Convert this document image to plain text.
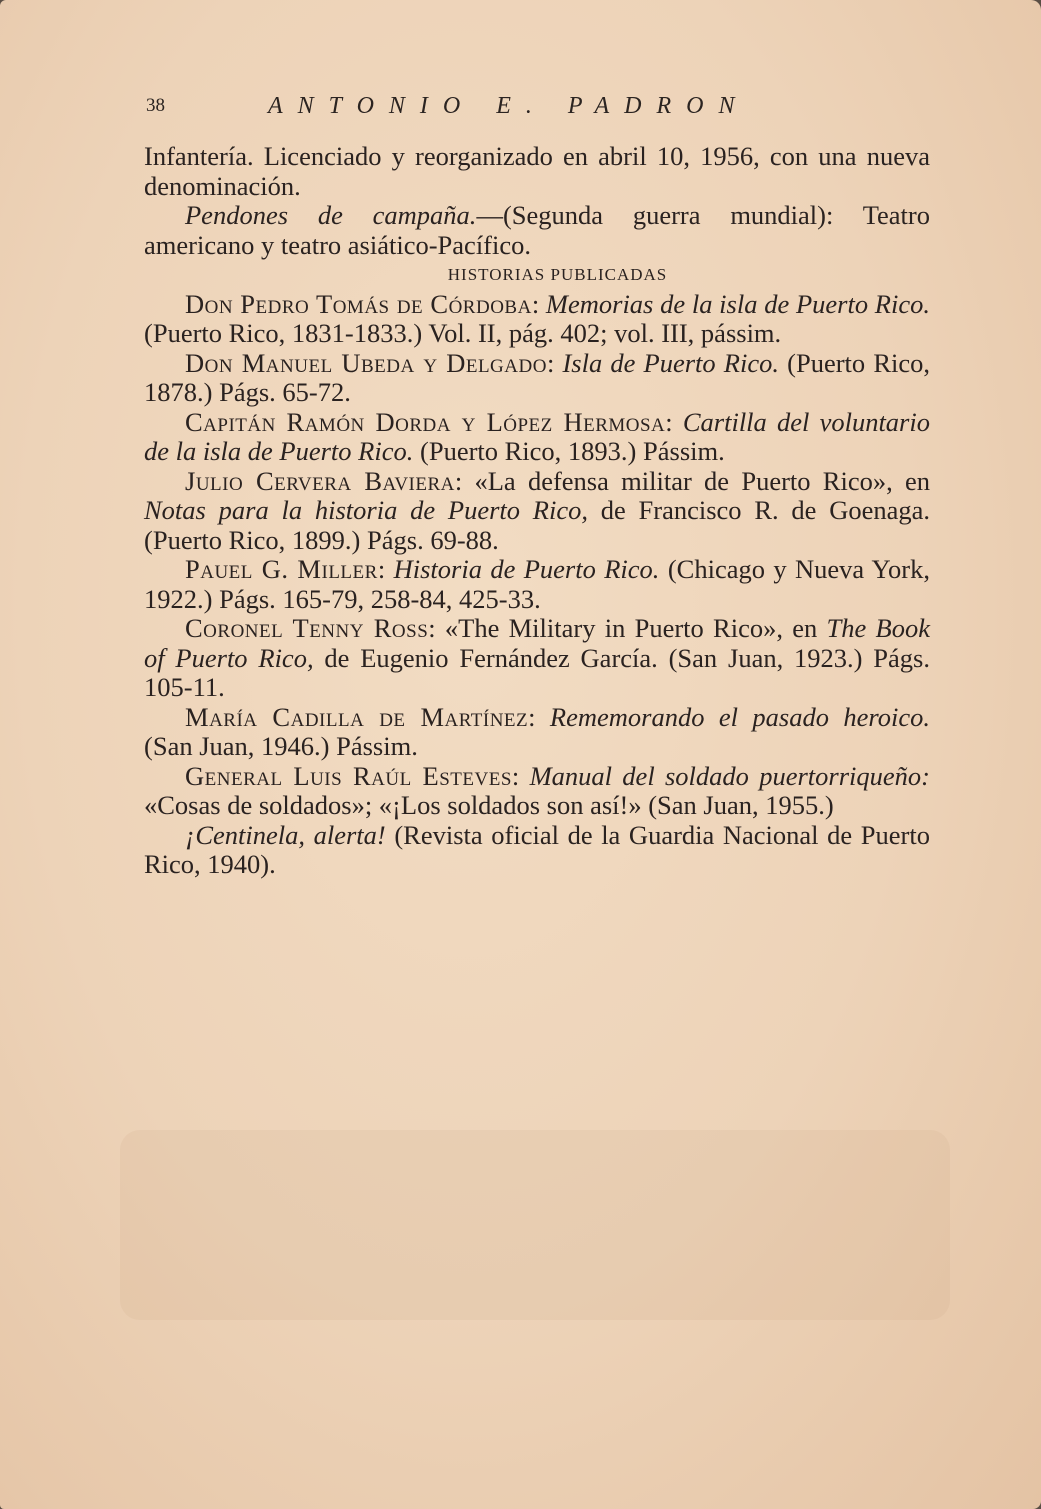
38	ANTONIO E. PADRON

Infantería. Licenciado y reorganizado en abril 10, 1956, con una nueva denominación.

Pendones de campaña.—(Segunda guerra mundial): Teatro americano y teatro asiático-Pacífico.

HISTORIAS PUBLICADAS

Don Pedro Tomás de Córdoba: Memorias de la isla de Puerto Rico. (Puerto Rico, 1831-1833.) Vol. II, pág. 402; vol. III, pássim.

Don Manuel Ubeda y Delgado: Isla de Puerto Rico. (Puerto Rico, 1878.) Págs. 65-72.

Capitán Ramón Dorda y López Hermosa: Cartilla del voluntario de la isla de Puerto Rico. (Puerto Rico, 1893.) Pássim.

Julio Cervera Baviera: «La defensa militar de Puerto Rico», en Notas para la historia de Puerto Rico, de Francisco R. de Goenaga. (Puerto Rico, 1899.) Págs. 69-88.

Pauel G. Miller: Historia de Puerto Rico. (Chicago y Nueva York, 1922.) Págs. 165-79, 258-84, 425-33.

Coronel Tenny Ross: «The Military in Puerto Rico», en The Book of Puerto Rico, de Eugenio Fernández García. (San Juan, 1923.) Págs. 105-11.

María Cadilla de Martínez: Rememorando el pasado heroico. (San Juan, 1946.) Pássim.

General Luis Raúl Esteves: Manual del soldado puertorriqueño: «Cosas de soldados»; «¡Los soldados son así!» (San Juan, 1955.)

¡Centinela, alerta! (Revista oficial de la Guardia Nacional de Puerto Rico, 1940).
